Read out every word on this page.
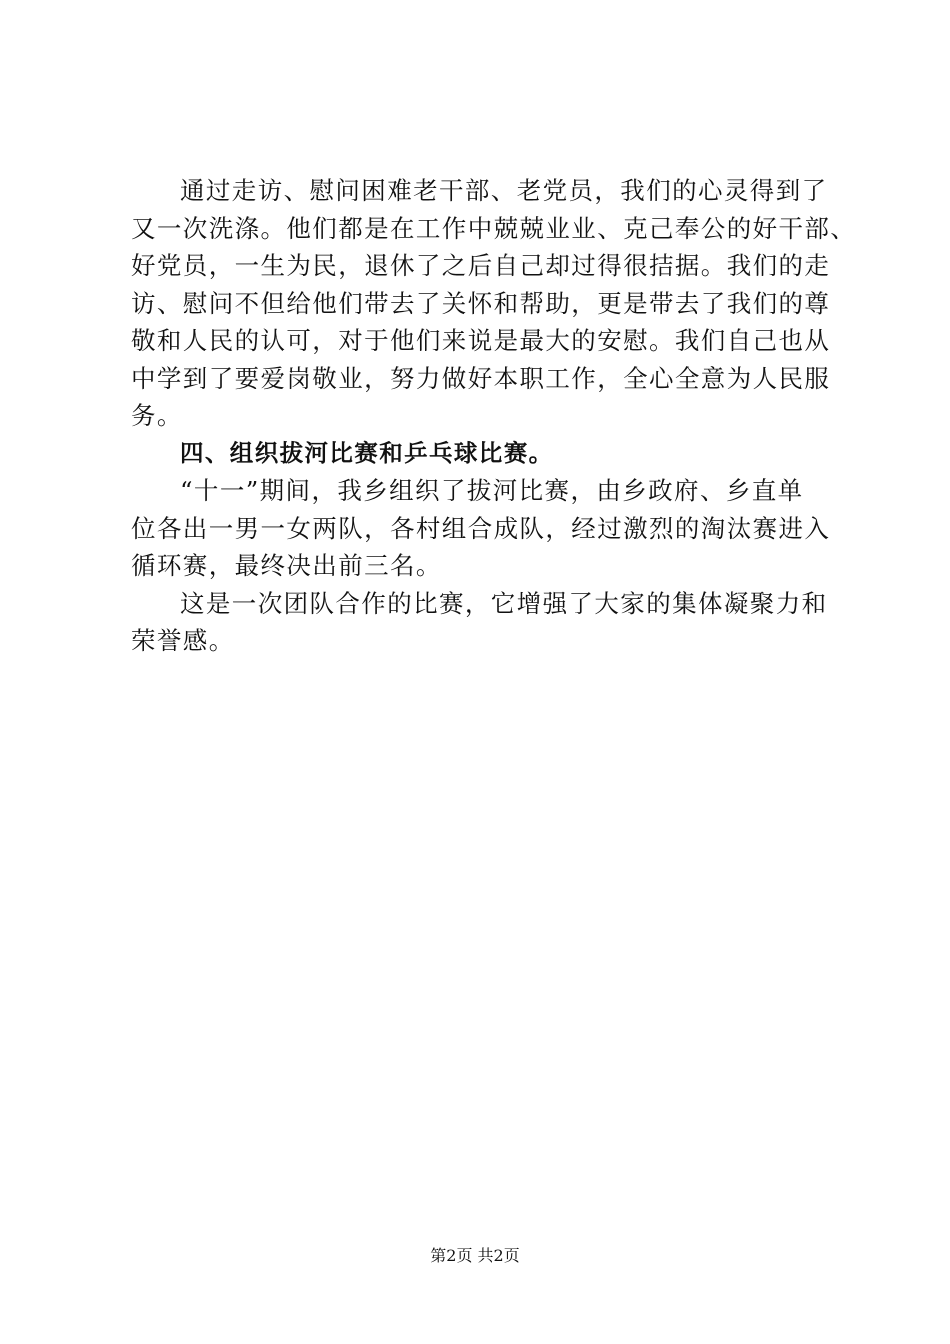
通过走访、慰问困难老干部、老党员，我们的心灵得到了
又一次洗涤。他们都是在工作中兢兢业业、克己奉公的好干部、
好党员，一生为民，退休了之后自己却过得很拮据。我们的走
访、慰问不但给他们带去了关怀和帮助，更是带去了我们的尊
敬和人民的认可，对于他们来说是最大的安慰。我们自己也从
中学到了要爱岗敬业，努力做好本职工作，全心全意为人民服
务。
四、组织拔河比赛和乒乓球比赛。
“十一”期间，我乡组织了拔河比赛，由乡政府、乡直单
位各出一男一女两队，各村组合成队，经过激烈的淘汰赛进入
循环赛，最终决出前三名。
这是一次团队合作的比赛，它增强了大家的集体凝聚力和
荣誉感。
第2页 共2页
